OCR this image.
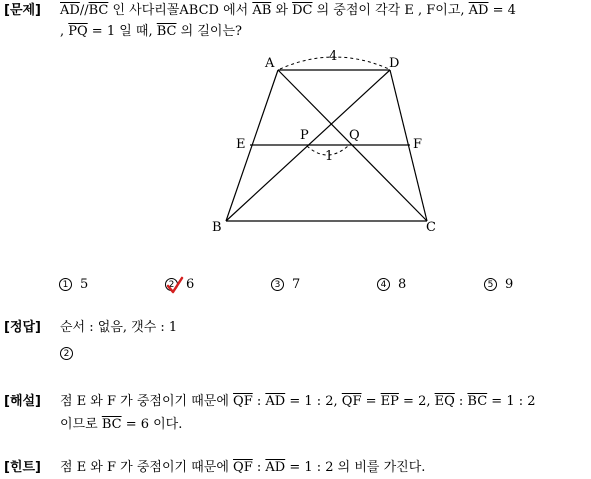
[문제] $\overline{AD}//\overline{BC}$ 인 사다리꼴ABCD 에서 $\overline{AB}$ 와 $\overline{DC}$ 의 중점이 각각 E , F이고, $\overline{AD} = 4$
, $\overline{PQ} = 1$ 일 때, $\overline{BC}$ 의 길이는?
A	D
E	F
P	Q
B	C
4
1
1 5	2 6	3 7	4 8	5 9
[정답] 순서 : 없음, 갯수 : 1
2
[해설] 점 E 와 F 가 중점이기 때문에 $\overline{QF}$ : $\overline{AD} = 1$ : 2, $\overline{QF} = \overline{EP} = 2$, $\overline{EQ}$ : $\overline{BC} = 1$ : 2
이므로 $\overline{BC} = 6$ 이다.
[힌트] 점 E 와 F 가 중점이기 때문에 $\overline{QF}$ : $\overline{AD} = 1$ : 2 의 비를 가진다.
